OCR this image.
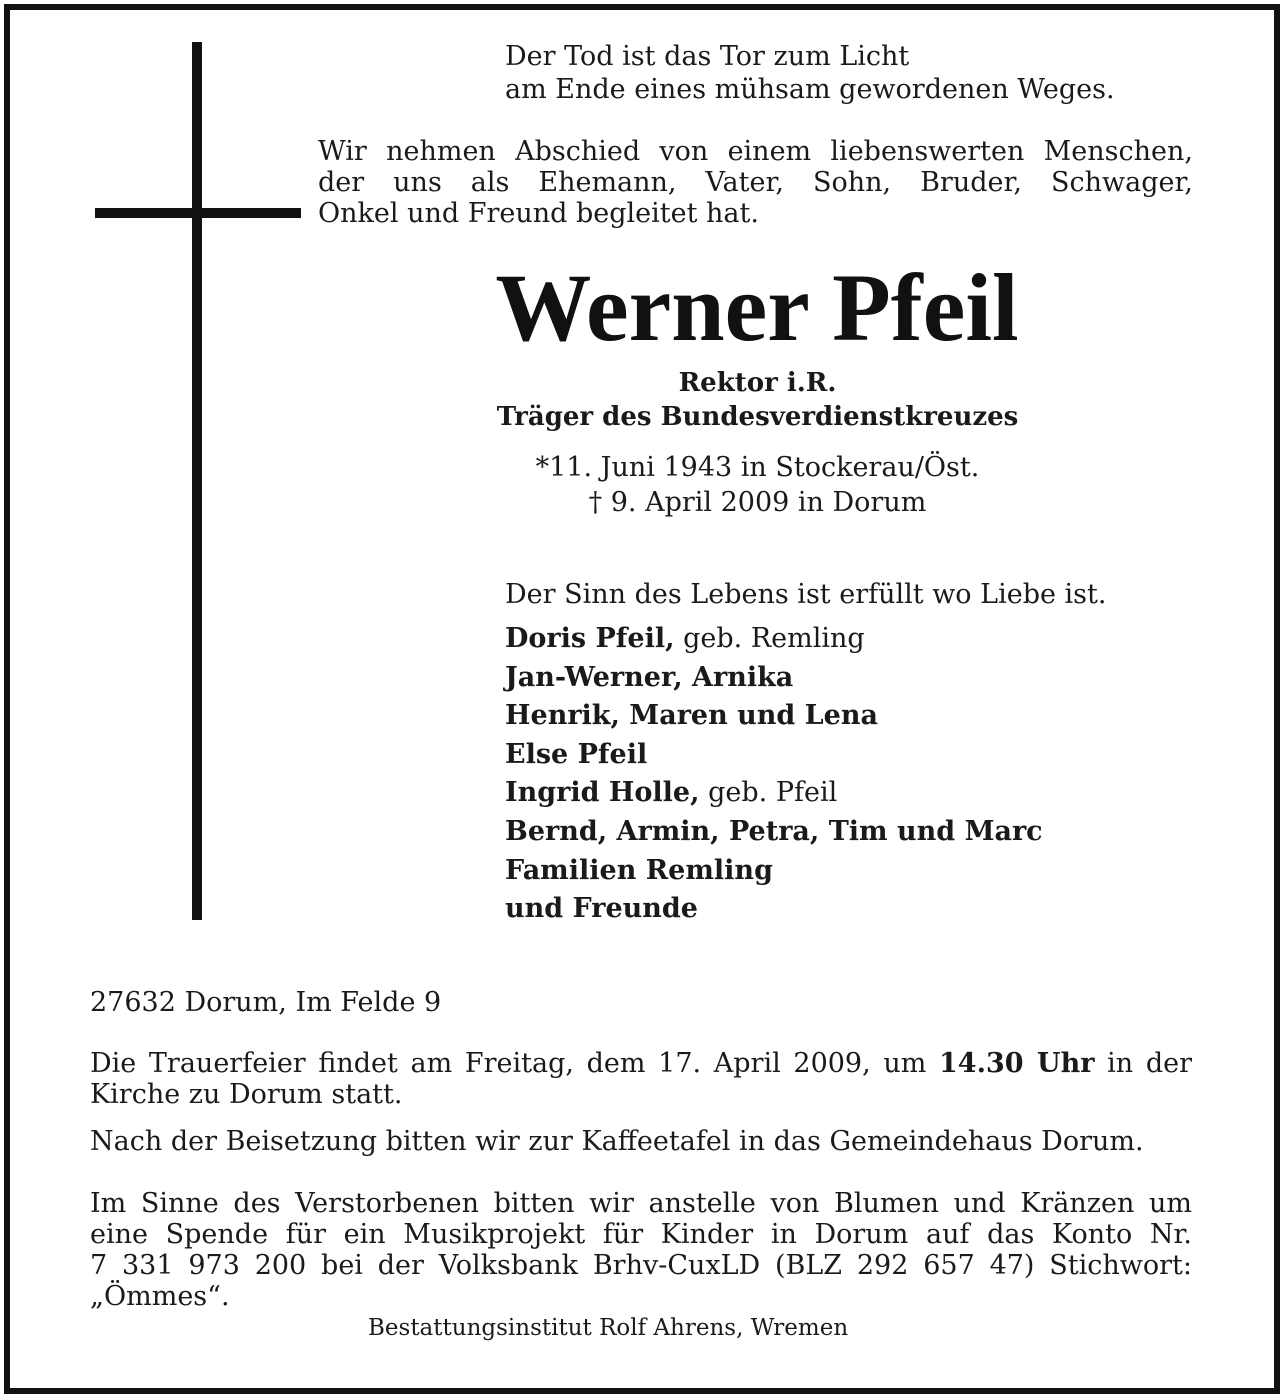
Der Tod ist das Tor zum Licht
am Ende eines mühsam gewordenen Weges.
Wir nehmen Abschied von einem liebenswerten Menschen,
der uns als Ehemann, Vater, Sohn, Bruder, Schwager,
Onkel und Freund begleitet hat.
Werner Pfeil
Rektor i.R.
Träger des Bundesverdienstkreuzes
*11. Juni 1943 in Stockerau/Öst.
† 9. April 2009 in Dorum
Der Sinn des Lebens ist erfüllt wo Liebe ist.
Doris Pfeil, geb. Remling
Jan-Werner, Arnika
Henrik, Maren und Lena
Else Pfeil
Ingrid Holle, geb. Pfeil
Bernd, Armin, Petra, Tim und Marc
Familien Remling
und Freunde
27632 Dorum, Im Felde 9
Die Trauerfeier findet am Freitag, dem 17. April 2009, um 14.30 Uhr in der
Kirche zu Dorum statt.
Nach der Beisetzung bitten wir zur Kaffeetafel in das Gemeindehaus Dorum.
Im Sinne des Verstorbenen bitten wir anstelle von Blumen und Kränzen um
eine Spende für ein Musikprojekt für Kinder in Dorum auf das Konto Nr.
7 331 973 200 bei der Volksbank Brhv-CuxLD (BLZ 292 657 47) Stichwort:
„Ömmes“.
Bestattungsinstitut Rolf Ahrens, Wremen
